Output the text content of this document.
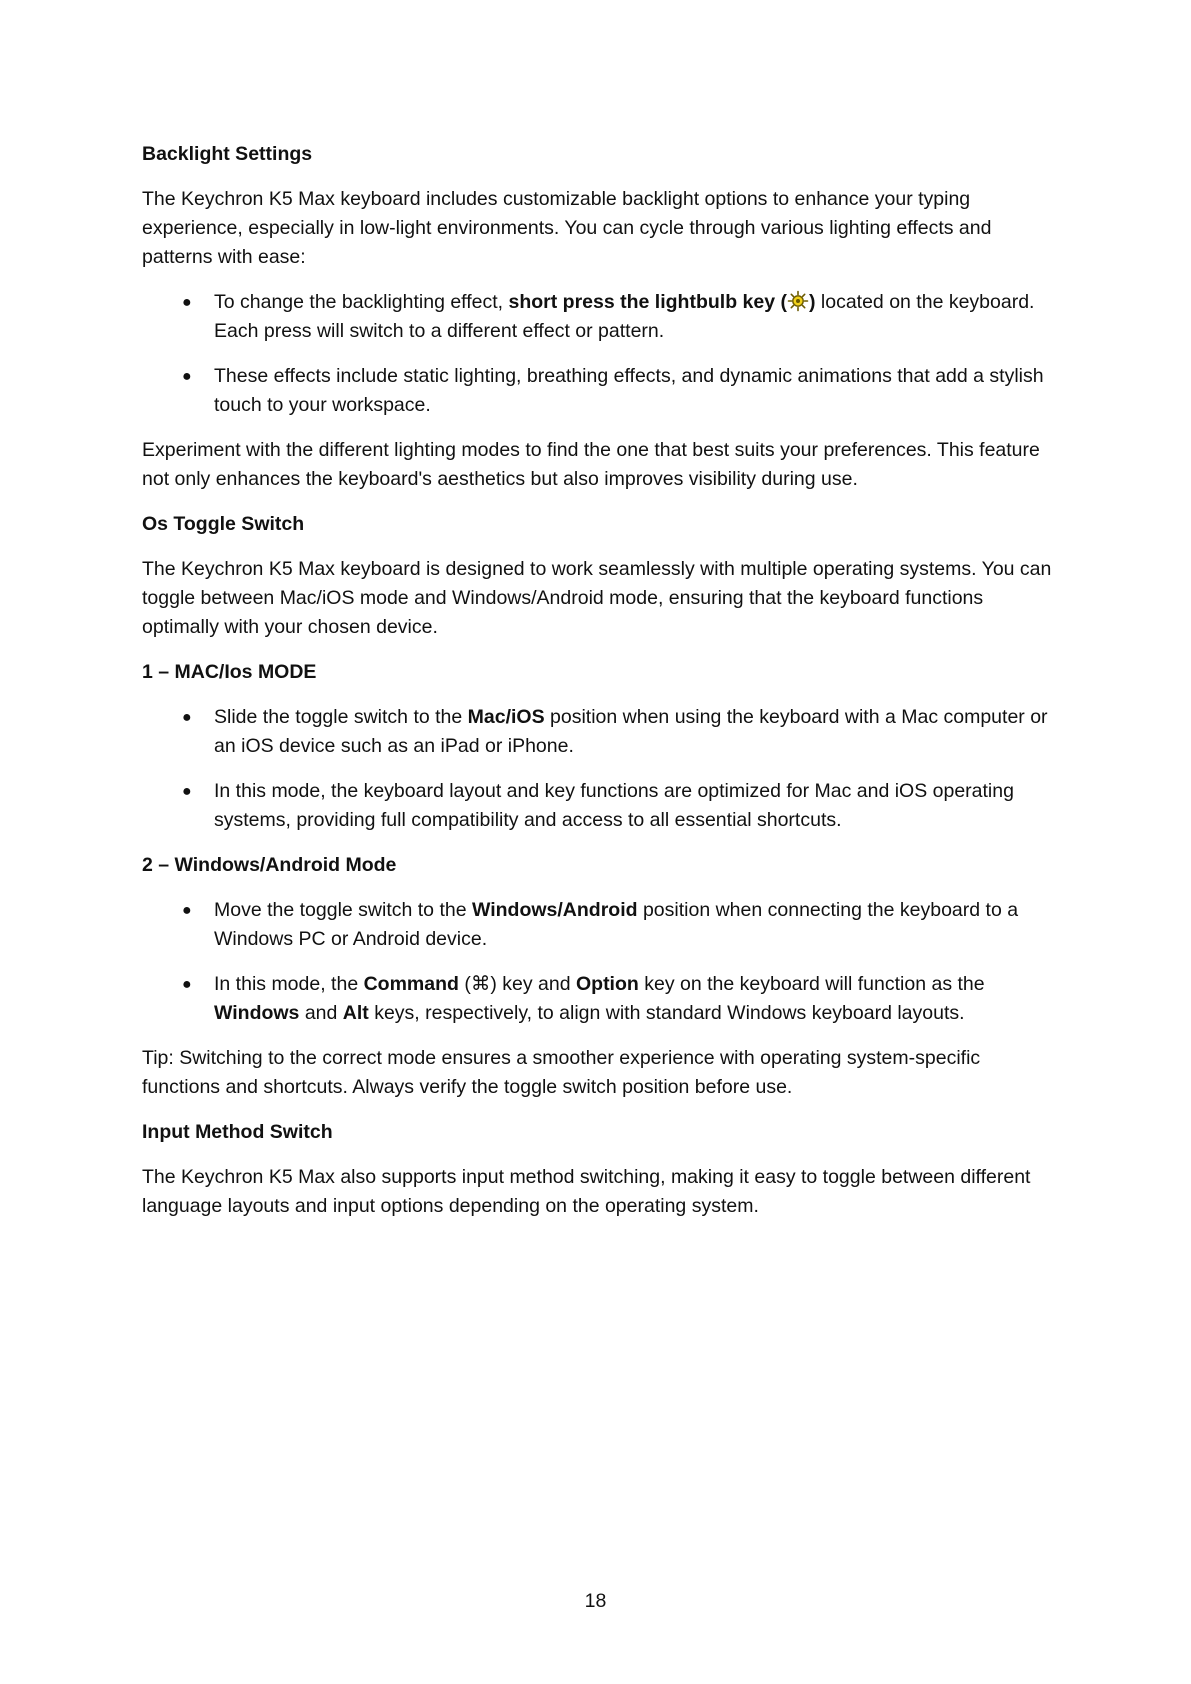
Backlight Settings

The Keychron K5 Max keyboard includes customizable backlight options to enhance your typing experience, especially in low-light environments. You can cycle through various lighting effects and patterns with ease:

● To change the backlighting effect, short press the lightbulb key ( ) located on the keyboard. Each press will switch to a different effect or pattern.
● These effects include static lighting, breathing effects, and dynamic animations that add a stylish touch to your workspace.

Experiment with the different lighting modes to find the one that best suits your preferences. This feature not only enhances the keyboard's aesthetics but also improves visibility during use.

Os Toggle Switch

The Keychron K5 Max keyboard is designed to work seamlessly with multiple operating systems. You can toggle between Mac/iOS mode and Windows/Android mode, ensuring that the keyboard functions optimally with your chosen device.

1 – MAC/Ios MODE
● Slide the toggle switch to the Mac/iOS position when using the keyboard with a Mac computer or an iOS device such as an iPad or iPhone.
● In this mode, the keyboard layout and key functions are optimized for Mac and iOS operating systems, providing full compatibility and access to all essential shortcuts.
2 – Windows/Android Mode
● Move the toggle switch to the Windows/Android position when connecting the keyboard to a Windows PC or Android device.
● In this mode, the Command (⌘) key and Option key on the keyboard will function as the Windows and Alt keys, respectively, to align with standard Windows keyboard layouts.

Tip: Switching to the correct mode ensures a smoother experience with operating system-specific functions and shortcuts. Always verify the toggle switch position before use.

Input Method Switch

The Keychron K5 Max also supports input method switching, making it easy to toggle between different language layouts and input options depending on the operating system.

18
